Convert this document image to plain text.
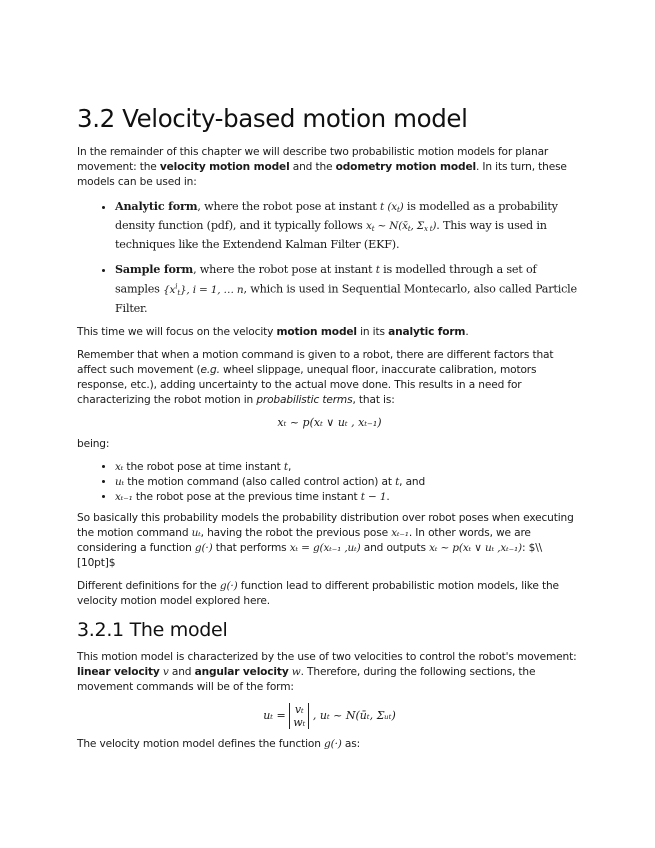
3.2 Velocity-based motion model

In the remainder of this chapter we will describe two probabilistic motion models for planar movement: the velocity motion model and the odometry motion model. In its turn, these models can be used in:

• Analytic form, where the robot pose at instant t (xt) is modelled as a probability density function (pdf), and it typically follows xt ~ N(x̄t, Σx t). This way is used in techniques like the Extendend Kalman Filter (EKF).
• Sample form, where the robot pose at instant t is modelled through a set of samples $\{x^it\}$, i = 1, … n, which is used in Sequential Montecarlo, also called Particle Filter.

This time we will focus on the velocity motion model in its analytic form.

Remember that when a motion command is given to a robot, there are different factors that affect such movement (e.g. wheel slippage, unequal floor, inaccurate calibration, motors response, etc.), adding uncertainty to the actual move done. This results in a need for characterizing the robot motion in probabilistic terms, that is:

xₜ ~ p(xₜ ∨ uₜ , xₜ₋₁)

being:

• xₜ the robot pose at time instant t,
• uₜ the motion command (also called control action) at t, and
• xₜ₋₁ the robot pose at the previous time instant t − 1.

So basically this probability models the probability distribution over robot poses when executing the motion command uₜ, having the robot the previous pose xₜ₋₁. In other words, we are considering a function g(·) that performs xₜ = g(xₜ₋₁ ,uₜ) and outputs xₜ ~ p(xₜ ∨ uₜ ,xₜ₋₁): $\\ [10pt]$

Different definitions for the g(·) function lead to different probabilistic motion models, like the velocity motion model explored here.

3.2.1 The model

This motion model is characterized by the use of two velocities to control the robot's movement: linear velocity v and angular velocity w. Therefore, during the following sections, the movement commands will be of the form:

uₜ = vₜ
wₜ , uₜ ~ N(ūₜ, Σᵤₜ)

The velocity motion model defines the function g(·) as:
